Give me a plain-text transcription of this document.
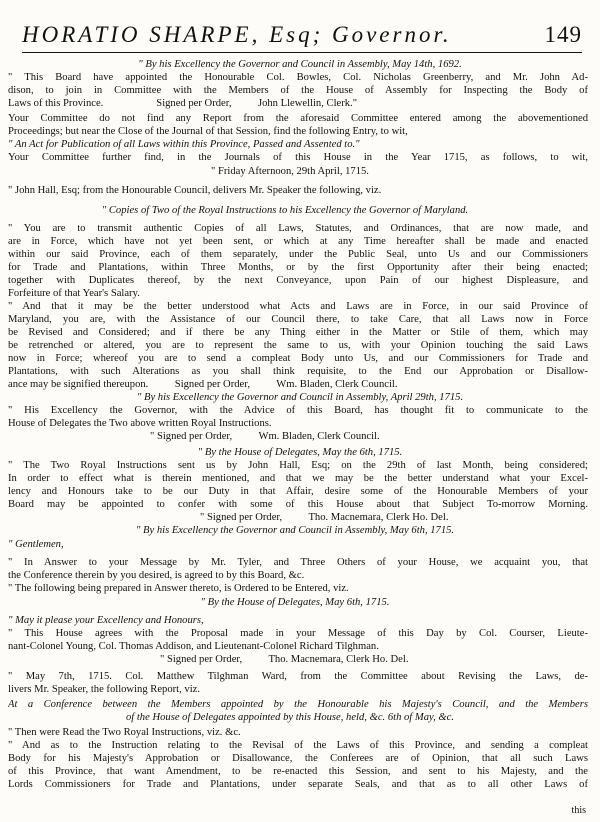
HORATIO SHARPE, Esq; Governor.	149
" By his Excellency the Governor and Council in Assembly, May 14th, 1692.
" This Board have appointed the Honourable Col. Bowles, Col. Nicholas Greenberry, and Mr. John Ad-
dison, to join in Committee with the Members of the House of Assembly for Inspecting the Body of
Laws of this Province.                    Signed per Order,          John Llewellin, Clerk."
Your Committee do not find any Report from the aforesaid Committee entered among the abovementioned
Proceedings; but near the Close of the Journal of that Session, find the following Entry, to wit,
" An Act for Publication of all Laws within this Province, Passed and Assented to."
Your Committee further find, in the Journals of this House in the Year 1715, as follows, to wit,
" Friday Afternoon, 29th April, 1715.
" John Hall, Esq; from the Honourable Council, delivers Mr. Speaker the following, viz.
" Copies of Two of the Royal Instructions to his Excellency the Governor of Maryland.
" You are to transmit authentic Copies of all Laws, Statutes, and Ordinances, that are now made, and
are in Force, which have not yet been sent, or which at any Time hereafter shall be made and enacted
within our said Province, each of them separately, under the Public Seal, unto Us and our Commissioners
for Trade and Plantations, within Three Months, or by the first Opportunity after their being enacted;
together with Duplicates thereof, by the next Conveyance, upon Pain of our highest Displeasure, and
Forfeiture of that Year's Salary.
" And that it may be the better understood what Acts and Laws are in Force, in our said Province of
Maryland, you are, with the Assistance of our Council there, to take Care, that all Laws now in Force
be Revised and Considered; and if there be any Thing either in the Matter or Stile of them, which may
be retrenched or altered, you are to represent the same to us, with your Opinion touching the said Laws
now in Force; whereof you are to send a compleat Body unto Us, and our Commissioners for Trade and
Plantations, with such Alterations as you shall think requisite, to the End our Approbation or Disallow-
ance may be signified thereupon.          Signed per Order,          Wm. Bladen, Clerk Council.
" By his Excellency the Governor and Council in Assembly, April 29th, 1715.
" His Excellency the Governor, with the Advice of this Board, has thought fit to communicate to the
House of Delegates the Two above written Royal Instructions.
" Signed per Order,          Wm. Bladen, Clerk Council.
" By the House of Delegates, May the 6th, 1715.
" The Two Royal Instructions sent us by John Hall, Esq; on the 29th of last Month, being considered;
In order to effect what is therein mentioned, and that we may be the better understand what your Excel-
lency and Honours take to be our Duty in that Affair, desire some of the Honourable Members of your
Board may be appointed to confer with some of this House about that Subject To-morrow Morning.
" Signed per Order,          Tho. Macnemara, Clerk Ho. Del.
" By his Excellency the Governor and Council in Assembly, May 6th, 1715.
" Gentlemen,
" In Answer to your Message by Mr. Tyler, and Three Others of your House, we acquaint you, that
the Conference therein by you desired, is agreed to by this Board, &c.
" The following being prepared in Answer thereto, is Ordered to be Entered, viz.
" By the House of Delegates, May 6th, 1715.
" May it please your Excellency and Honours,
" This House agrees with the Proposal made in your Message of this Day by Col. Courser, Lieute-
nant-Colonel Young, Col. Thomas Addison, and Lieutenant-Colonel Richard Tilghman.
" Signed per Order,          Tho. Macnemara, Clerk Ho. Del.
" May 7th, 1715. Col. Matthew Tilghman Ward, from the Committee about Revising the Laws, de-
livers Mr. Speaker, the following Report, viz.
At a Conference between the Members appointed by the Honourable his Majesty's Council, and the Members
of the House of Delegates appointed by this House, held, &c. 6th of May, &c.
" Then were Read the Two Royal Instructions, viz. &c.
" And as to the Instruction relating to the Revisal of the Laws of this Province, and sending a compleat
Body for his Majesty's Approbation or Disallowance, the Conferees are of Opinion, that all such Laws
of this Province, that want Amendment, to be re-enacted this Session, and sent to his Majesty, and the
Lords Commissioners for Trade and Plantations, under separate Seals, and that as to all other Laws of
this
